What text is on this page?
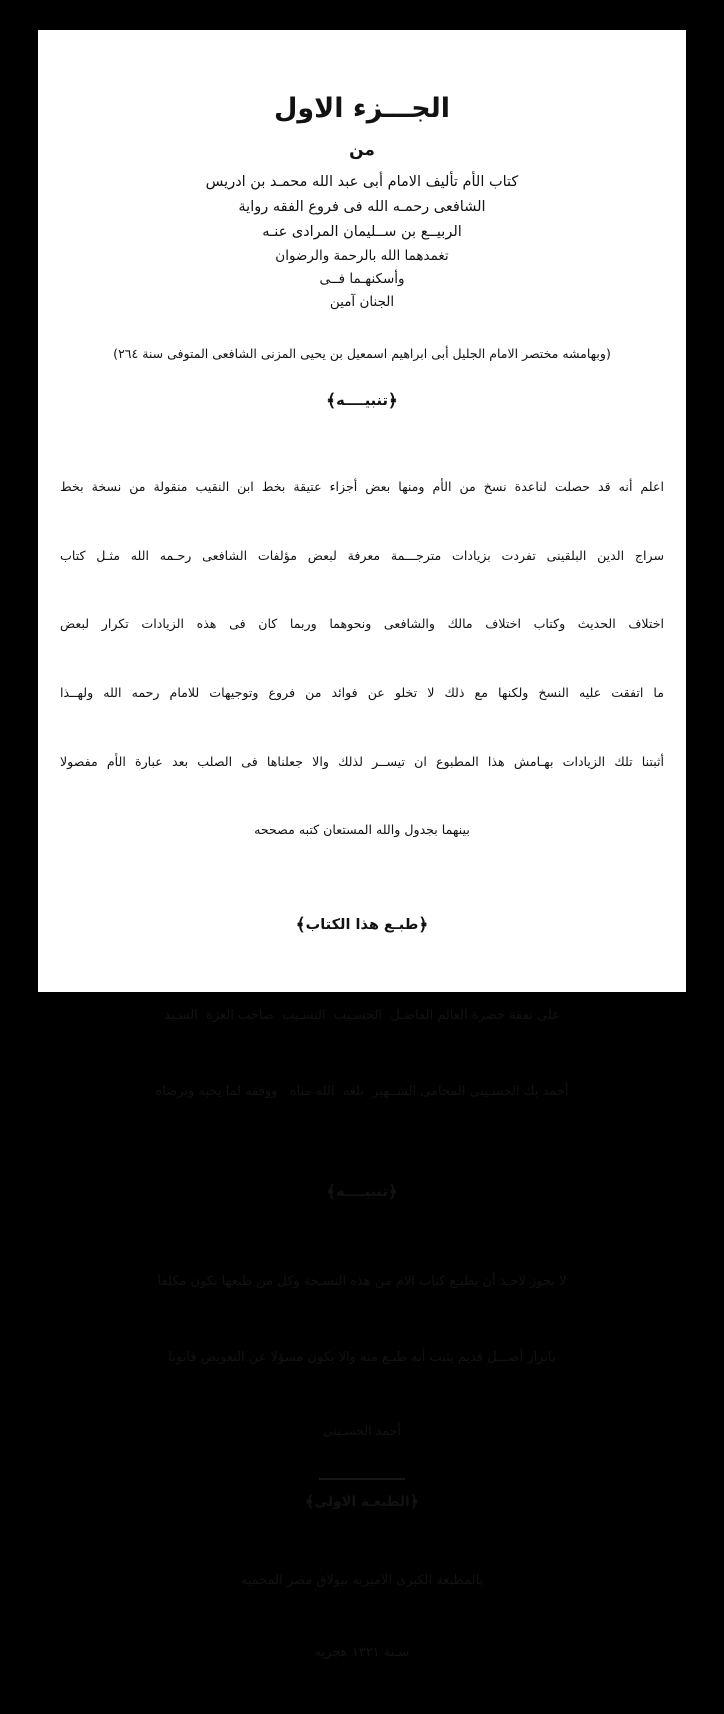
الجـــزء الاول
من
كتاب الأم تأليف الامام أبى عبد الله محمـد بن ادريس
الشافعى رحمـه الله فى فروع الفقه رواية
الربيــع بن ســليمان المرادى عنـه
تغمدهما الله بالرحمة والرضوان
وأسكنهـما فــى
الجنان آمين
(وبهامشه مختصر الامام الجليل أبى ابراهيم اسمعيل بن يحيى المزنى الشافعى المتوفى سنة ٢٦٤)
﴿تنبيــــه﴾

اعلم أنه قد حصلت لناعدة نسخ من الأم ومنها بعض أجزاء عتيقة بخط ابن النقيب منقولة من نسخة بخط

سراج الدين البلقينى تفردت بزيادات مترجـــمة معرفة لبعض مؤلفات الشافعى رحـمه الله مثـل كتاب

اختلاف الحديث وكتاب اختلاف مالك والشافعى ونحوهما وربما كان فى هذه الزيادات تكرار لبعض

ما اتفقت عليه النسخ ولكنها مع ذلك لا تخلو عن فوائد من فروع وتوجيهات للامام رحمه الله ولهــذا

أثبتنا تلك الزيادات بهـامش هذا المطبوع ان تيســر لذلك والا جعلناها فى الصلب بعد عبارة الأم مفصولا

بينهما بجدول والله المستعان كتبه مصححه

﴿طبـع هذا الكتاب﴾

على نفقة حضرة العالم الفاضـل  الحسـيب  النسـيب  صاحب العزة  السـيد

أحمد بك الحسـينى المحامى الشــهير  بلغه  الله مناه   ووفقه لما يحبه ويرضاه

﴿تنبيــــه﴾

لا يجوز لاحـد أن يطبـع كتاب الام من هذه النسـخة وكل من طبعها يكون مكلفا

بابراز أصـــل قديم يثبت أنه طبـع منه والا يكون مسؤلا عن التعويض قانونا

أحمد الحسـينى
﴿الطبعـة الاولى﴾

بالمطبعة الكبرى الاميريه ببولاق مصر المحميه

سـنة ١٣٢١ هجريه
